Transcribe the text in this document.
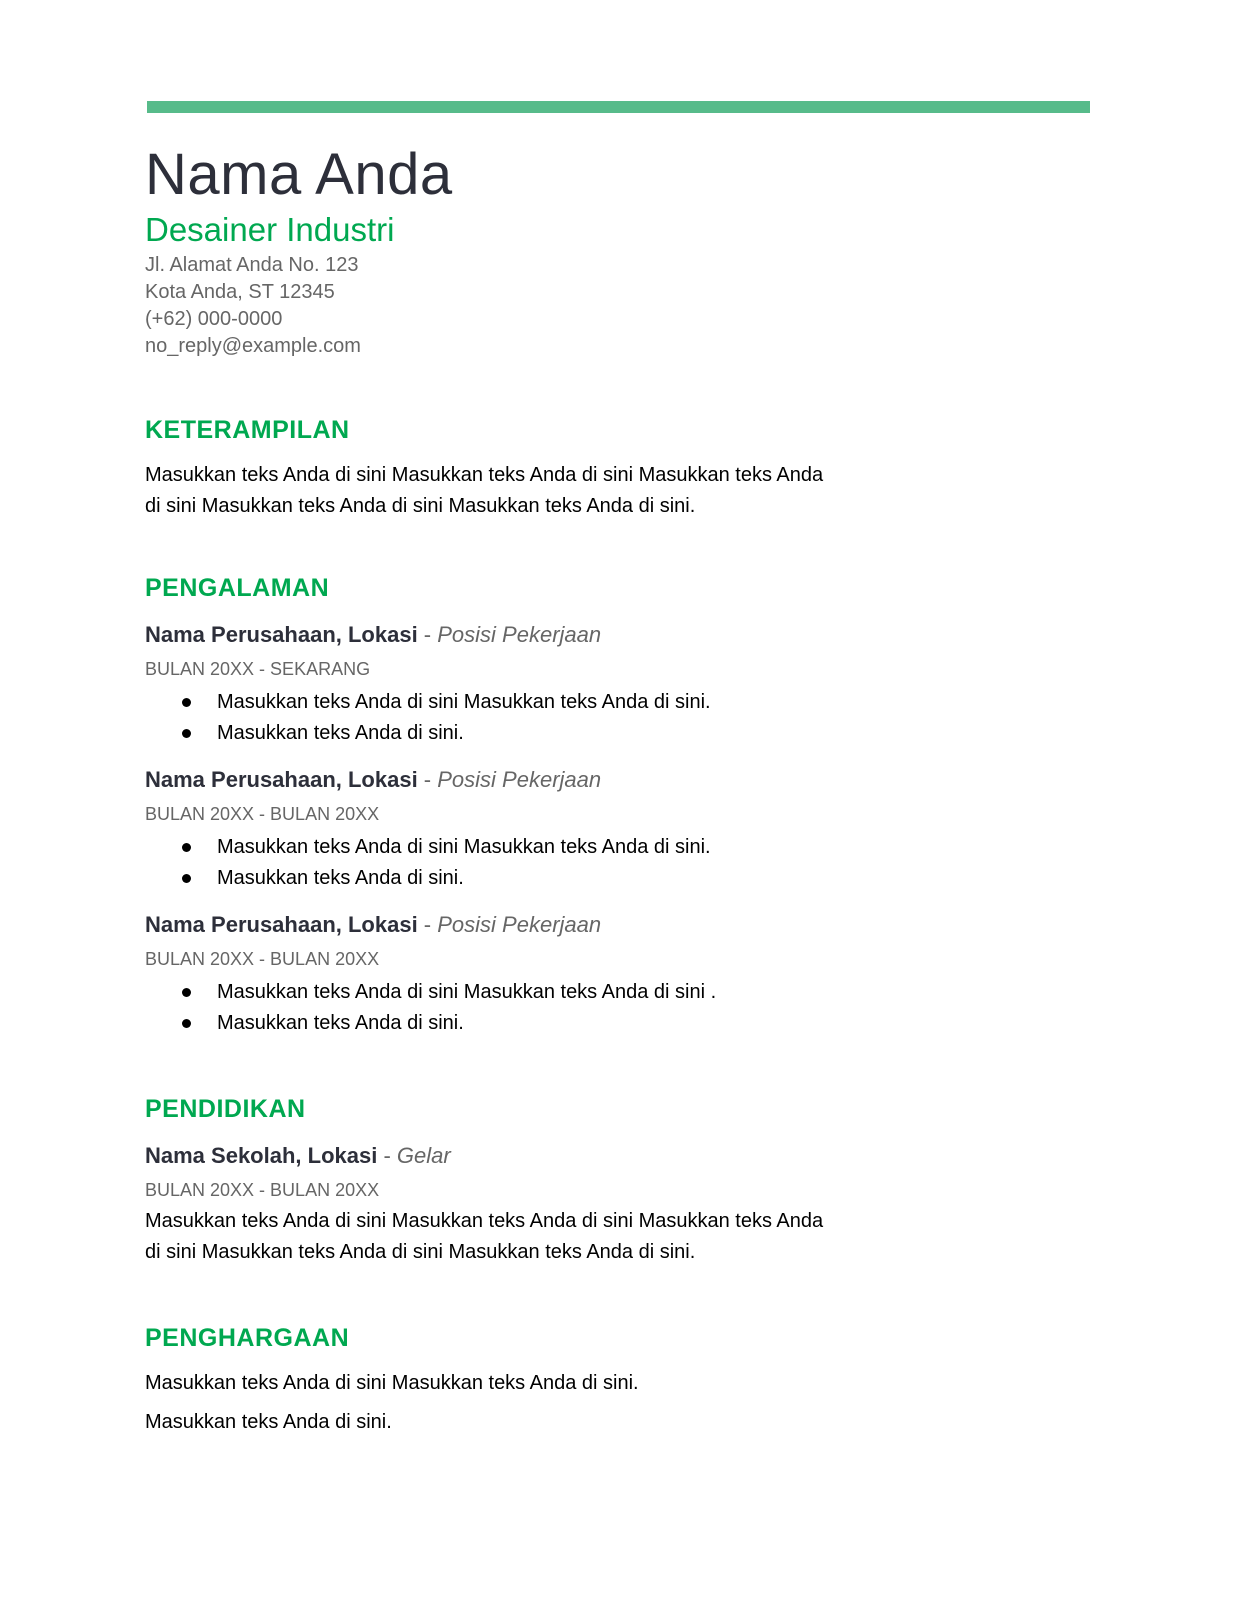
Nama Anda
Desainer Industri
Jl. Alamat Anda No. 123
Kota Anda, ST 12345
(+62) 000-0000
no_reply@example.com
KETERAMPILAN
Masukkan teks Anda di sini Masukkan teks Anda di sini Masukkan teks Anda
di sini Masukkan teks Anda di sini Masukkan teks Anda di sini.
PENGALAMAN
Nama Perusahaan, Lokasi - Posisi Pekerjaan
BULAN 20XX - SEKARANG
Masukkan teks Anda di sini Masukkan teks Anda di sini.
Masukkan teks Anda di sini.
Nama Perusahaan, Lokasi - Posisi Pekerjaan
BULAN 20XX - BULAN 20XX
Masukkan teks Anda di sini Masukkan teks Anda di sini.
Masukkan teks Anda di sini.
Nama Perusahaan, Lokasi - Posisi Pekerjaan
BULAN 20XX - BULAN 20XX
Masukkan teks Anda di sini Masukkan teks Anda di sini .
Masukkan teks Anda di sini.
PENDIDIKAN
Nama Sekolah, Lokasi - Gelar
BULAN 20XX - BULAN 20XX
Masukkan teks Anda di sini Masukkan teks Anda di sini Masukkan teks Anda
di sini Masukkan teks Anda di sini Masukkan teks Anda di sini.
PENGHARGAAN
Masukkan teks Anda di sini Masukkan teks Anda di sini.
Masukkan teks Anda di sini.
